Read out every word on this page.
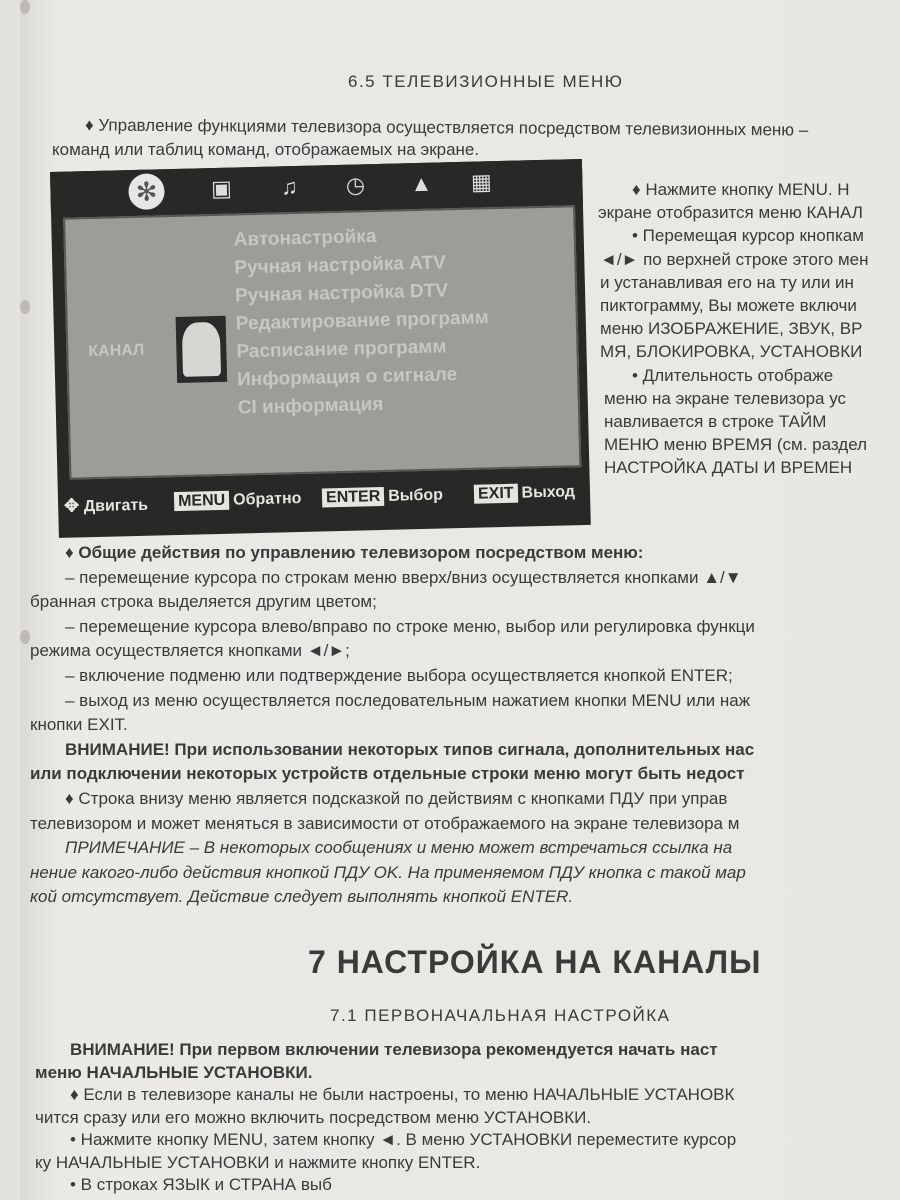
6.5 ТЕЛЕВИЗИОННЫЕ МЕНЮ
♦ Управление функциями телевизора осуществляется посредством телевизионных меню –
команд или таблиц команд, отображаемых на экране.
✻	▣ ♫ ◷ ▲ ▦
КАНАЛ
Автонастройка
Ручная настройка ATV
Ручная настройка DTV
Редактирование программ
Расписание программ
Информация о сигнале
CI информация
✥ Двигать MENU Обратно ENTER Выбор EXIT Выход
♦ Нажмите кнопку MENU. Н
экране отобразится меню КАНАЛ
• Перемещая курсор кнопкам
◄/► по верхней строке этого мен
и устанавливая его на ту или ин
пиктограмму, Вы можете включи
меню ИЗОБРАЖЕНИЕ, ЗВУК, ВР
МЯ, БЛОКИРОВКА, УСТАНОВКИ
• Длительность отображе
меню на экране телевизора ус
навливается в строке ТАЙМ
МЕНЮ меню ВРЕМЯ (см. раздел
НАСТРОЙКА ДАТЫ И ВРЕМЕН
♦ Общие действия по управлению телевизором посредством меню:
– перемещение курсора по строкам меню вверх/вниз осуществляется кнопками ▲/▼
бранная строка выделяется другим цветом;
– перемещение курсора влево/вправо по строке меню, выбор или регулировка функци
режима осуществляется кнопками ◄/►;
– включение подменю или подтверждение выбора осуществляется кнопкой ENTER;
– выход из меню осуществляется последовательным нажатием кнопки MENU или наж
кнопки EXIT.
ВНИМАНИЕ! При использовании некоторых типов сигнала, дополнительных нас
или подключении некоторых устройств отдельные строки меню могут быть недост
♦ Строка внизу меню является подсказкой по действиям с кнопками ПДУ при управ
телевизором и может меняться в зависимости от отображаемого на экране телевизора м
ПРИМЕЧАНИЕ – В некоторых сообщениях и меню может встречаться ссылка на
нение какого-либо действия кнопкой ПДУ OK. На применяемом ПДУ кнопка с такой мар
кой отсутствует. Действие следует выполнять кнопкой ENTER.
7 НАСТРОЙКА НА КАНАЛЫ
7.1 ПЕРВОНАЧАЛЬНАЯ НАСТРОЙКА
ВНИМАНИЕ! При первом включении телевизора рекомендуется начать наст
меню НАЧАЛЬНЫЕ УСТАНОВКИ.
♦ Если в телевизоре каналы не были настроены, то меню НАЧАЛЬНЫЕ УСТАНОВК
чится сразу или его можно включить посредством меню УСТАНОВКИ.
• Нажмите кнопку MENU, затем кнопку ◄. В меню УСТАНОВКИ переместите курсор
ку НАЧАЛЬНЫЕ УСТАНОВКИ и нажмите кнопку ENTER.
• В строках ЯЗЫК и СТРАНА выб
